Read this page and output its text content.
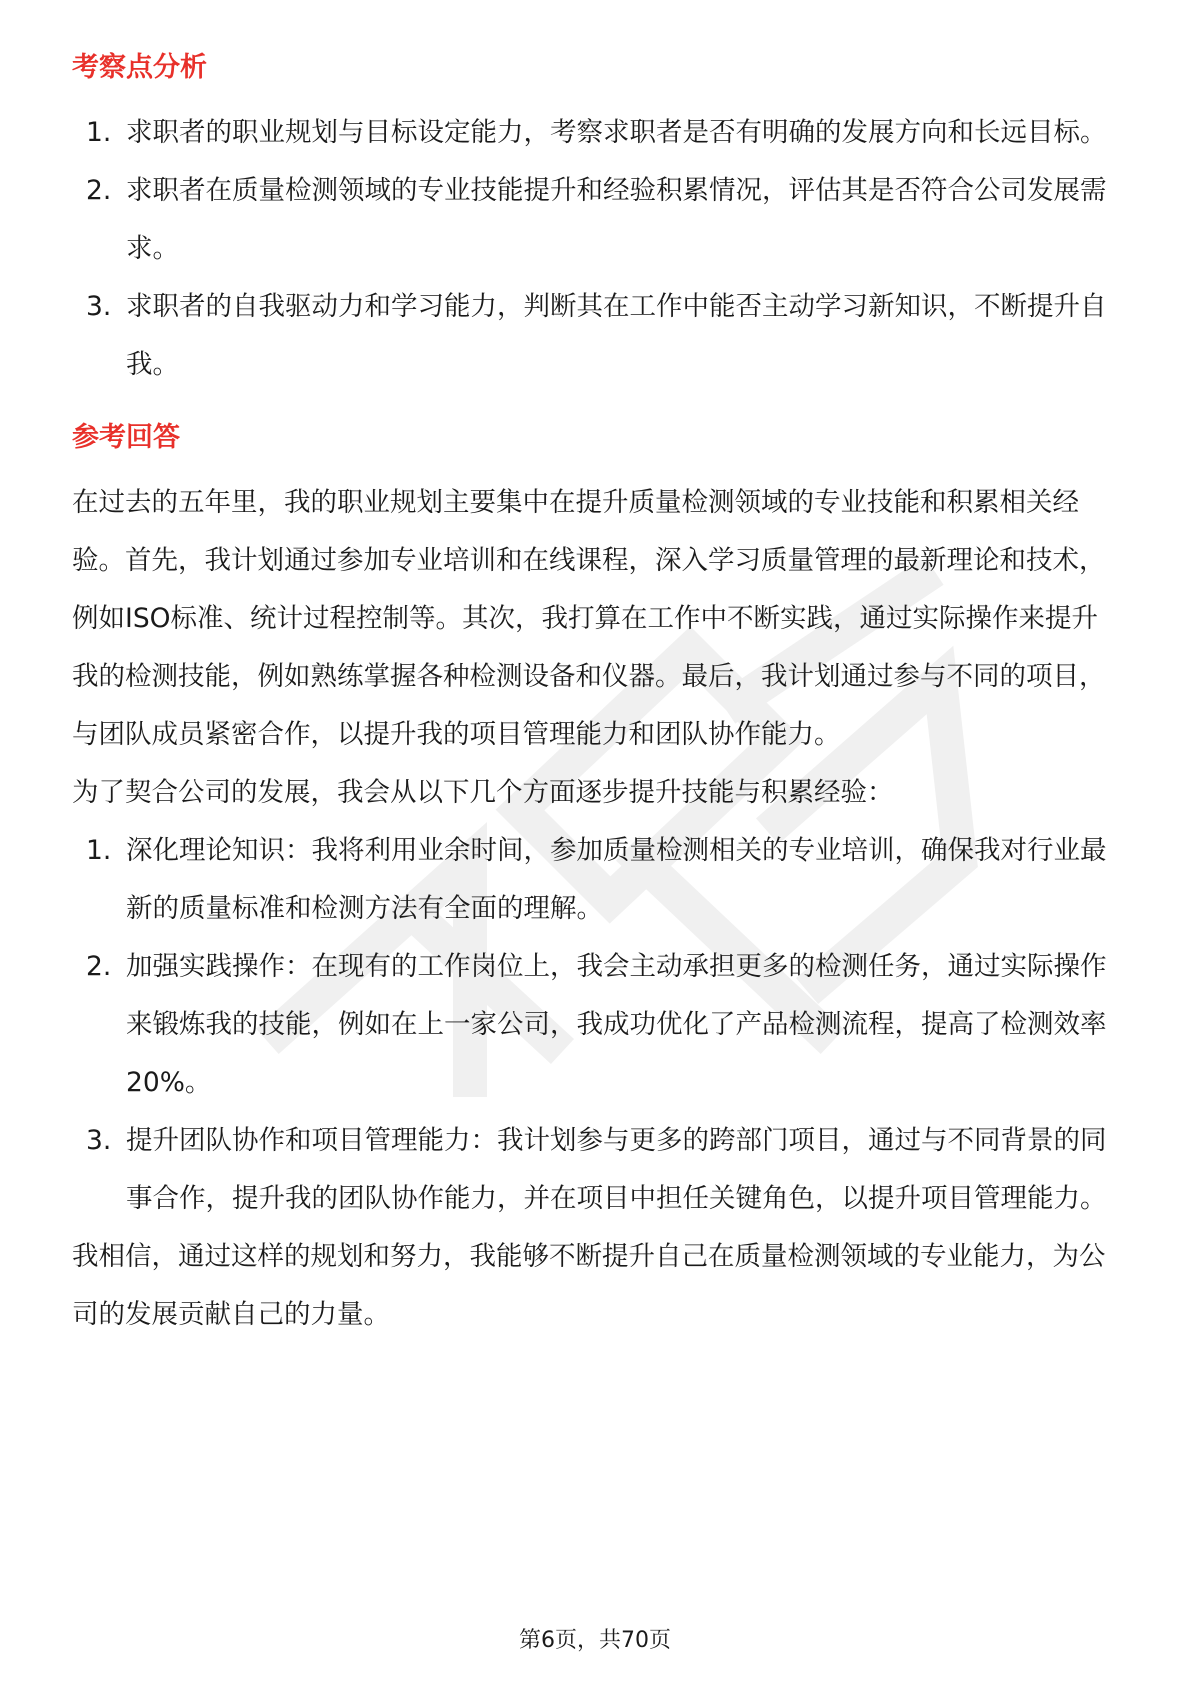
考察点分析
1. 求职者的职业规划与目标设定能力，考察求职者是否有明确的发展方向和长远目标。
2. 求职者在质量检测领域的专业技能提升和经验积累情况，评估其是否符合公司发展需求。
3. 求职者的自我驱动力和学习能力，判断其在工作中能否主动学习新知识，不断提升自我。
参考回答

在过去的五年里，我的职业规划主要集中在提升质量检测领域的专业技能和积累相关经验。首先，我计划通过参加专业培训和在线课程，深入学习质量管理的最新理论和技术，例如ISO标准、统计过程控制等。其次，我打算在工作中不断实践，通过实际操作来提升我的检测技能，例如熟练掌握各种检测设备和仪器。最后，我计划通过参与不同的项目，与团队成员紧密合作，以提升我的项目管理能力和团队协作能力。

为了契合公司的发展，我会从以下几个方面逐步提升技能与积累经验：

1. 深化理论知识：我将利用业余时间，参加质量检测相关的专业培训，确保我对行业最新的质量标准和检测方法有全面的理解。
2. 加强实践操作：在现有的工作岗位上，我会主动承担更多的检测任务，通过实际操作来锻炼我的技能，例如在上一家公司，我成功优化了产品检测流程，提高了检测效率20%。
3. 提升团队协作和项目管理能力：我计划参与更多的跨部门项目，通过与不同背景的同事合作，提升我的团队协作能力，并在项目中担任关键角色，以提升项目管理能力。

我相信，通过这样的规划和努力，我能够不断提升自己在质量检测领域的专业能力，为公司的发展贡献自己的力量。

第6页，共70页
